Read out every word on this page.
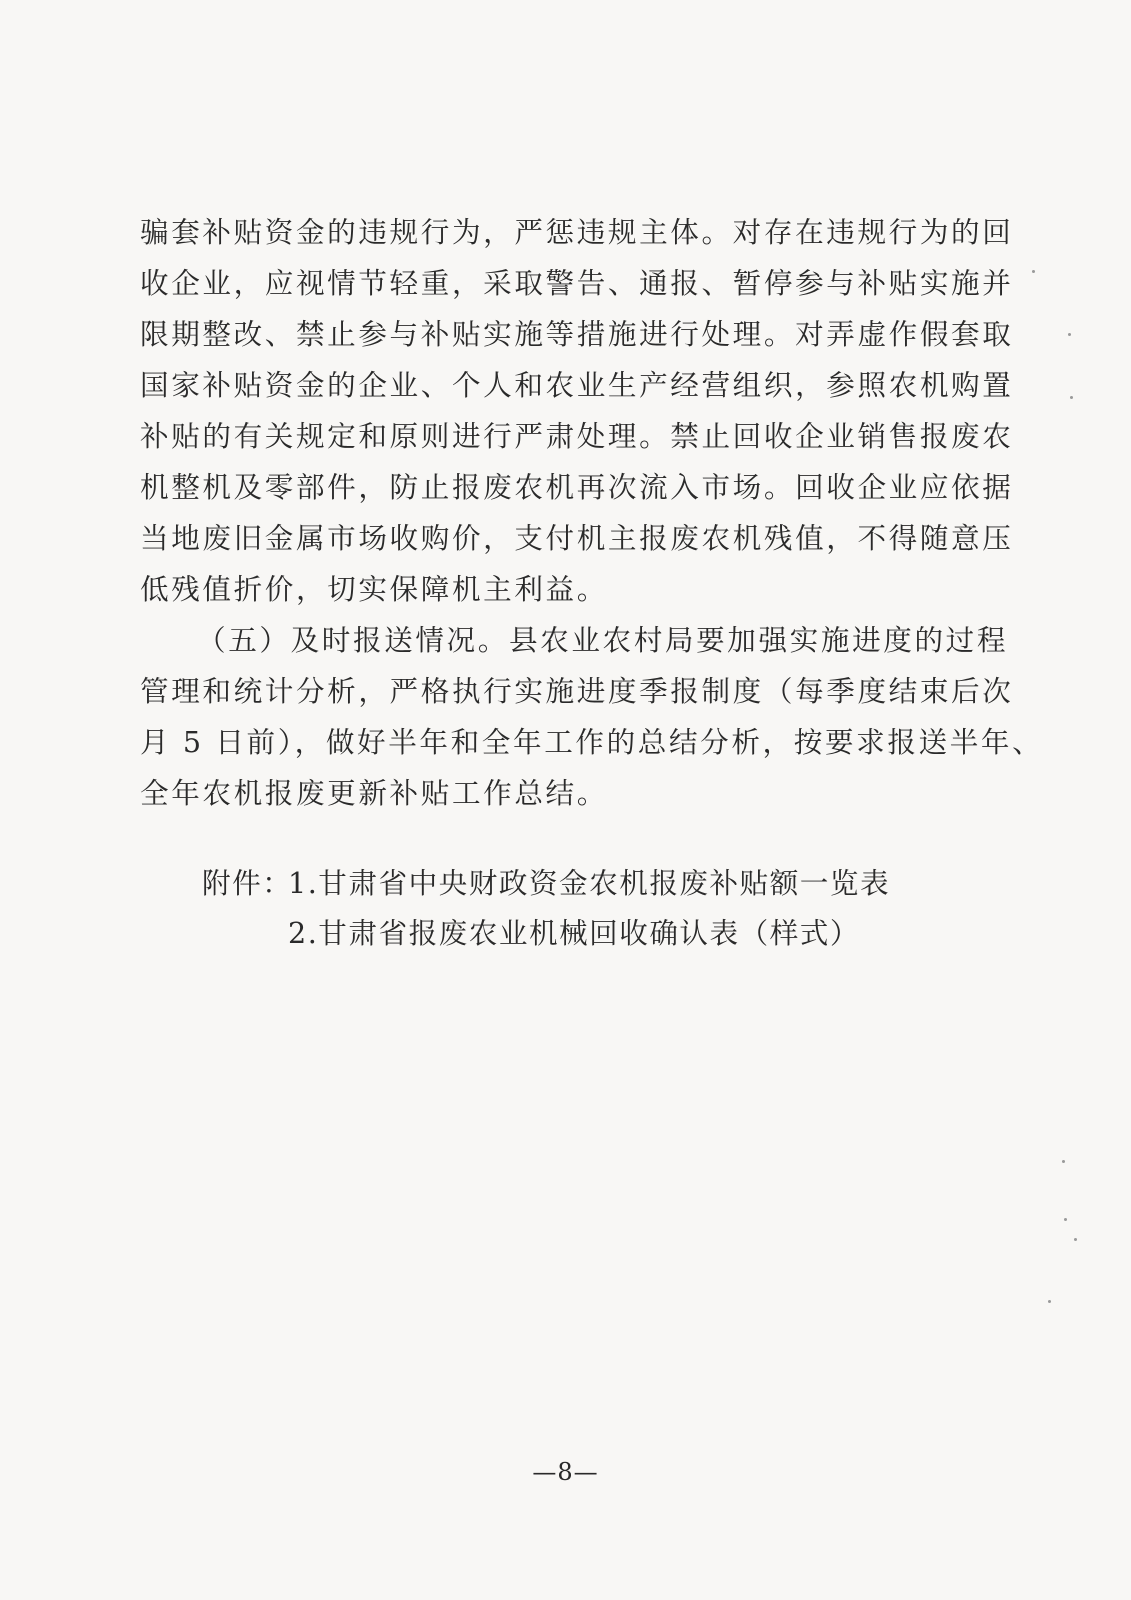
骗套补贴资金的违规行为，严惩违规主体。对存在违规行为的回
收企业，应视情节轻重，采取警告、通报、暂停参与补贴实施并
限期整改、禁止参与补贴实施等措施进行处理。对弄虚作假套取
国家补贴资金的企业、个人和农业生产经营组织，参照农机购置
补贴的有关规定和原则进行严肃处理。禁止回收企业销售报废农
机整机及零部件，防止报废农机再次流入市场。回收企业应依据
当地废旧金属市场收购价，支付机主报废农机残值，不得随意压
低残值折价，切实保障机主利益。
（五）及时报送情况。县农业农村局要加强实施进度的过程
管理和统计分析，严格执行实施进度季报制度（每季度结束后次
月 5 日前），做好半年和全年工作的总结分析，按要求报送半年、
全年农机报废更新补贴工作总结。
附件：1.甘肃省中央财政资金农机报废补贴额一览表
2.甘肃省报废农业机械回收确认表（样式）
—8—
